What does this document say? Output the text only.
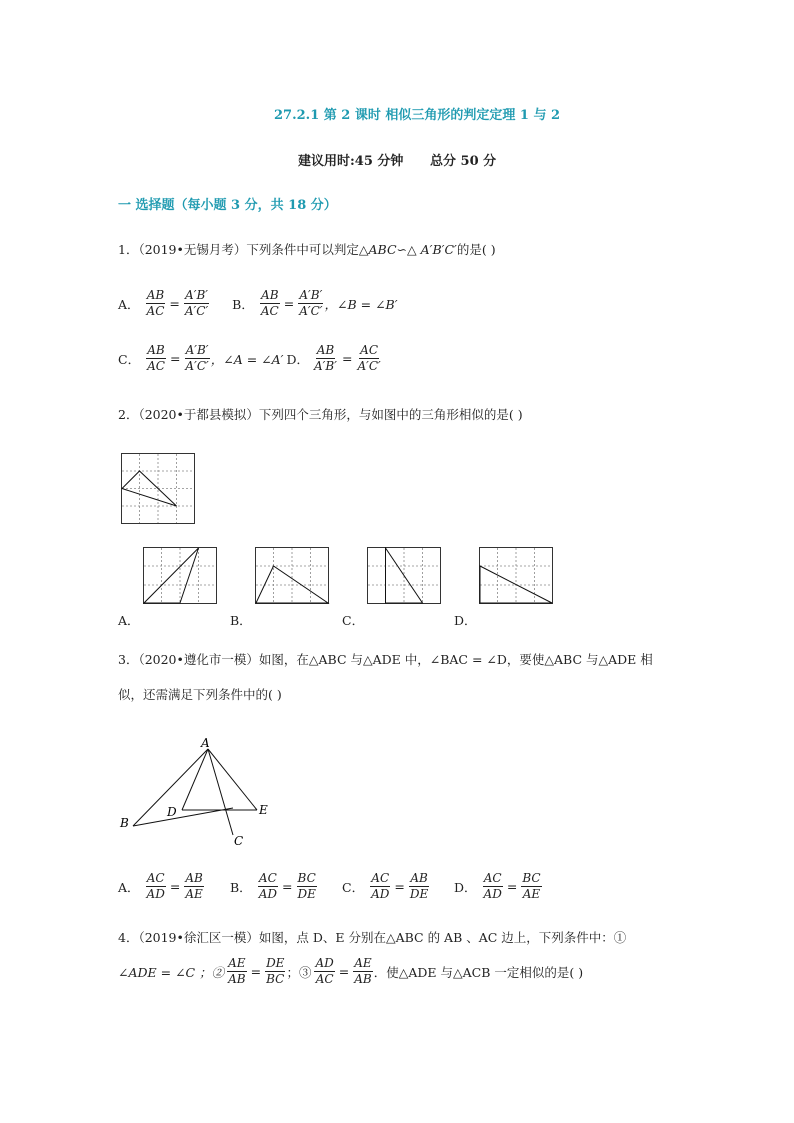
27.2.1 第 2 课时 相似三角形的判定定理 1 与 2
建议用时:45 分钟 总分 50 分
一 选择题（每小题 3 分，共 18 分）
1．（2019•无锡月考）下列条件中可以判定△ABC∽△ A′B′C′的是( )
A． $\frac{AB}{AC} = \frac{A'B'}{A'C'}$ B． $\frac{AB}{AC} = \frac{A'B'}{A'C'}$ ，∠B = ∠B′
C． $\frac{AB}{AC} = \frac{A'B'}{A'C'}$ ，∠A = ∠A′ D． $\frac{AB}{A'B'} = \frac{AC}{A'C'}$
2．（2020•于都县模拟）下列四个三角形，与如图中的三角形相似的是( )
A．	B．	C．	D．
3．（2020•遵化市一模）如图，在△ABC 与△ADE 中，∠BAC = ∠D，要使△ABC 与△ADE 相
似，还需满足下列条件中的( )
A
B
C
D	E
A． $\frac{AC}{AD} = \frac{AB}{AE}$ B． $\frac{AC}{AD} = \frac{BC}{DE}$ C． $\frac{AC}{AD} = \frac{AB}{DE}$ D． $\frac{AC}{AD} = \frac{BC}{AE}$
4．（2019•徐汇区一模）如图，点 D、E 分别在△ABC 的 AB 、AC 边上，下列条件中：①
∠ADE = ∠C ；② $\frac{AE}{AB} = \frac{DE}{BC}$ ；③ $\frac{AD}{AC} = \frac{AE}{AB}$ ．使△ADE 与△ACB 一定相似的是( )
